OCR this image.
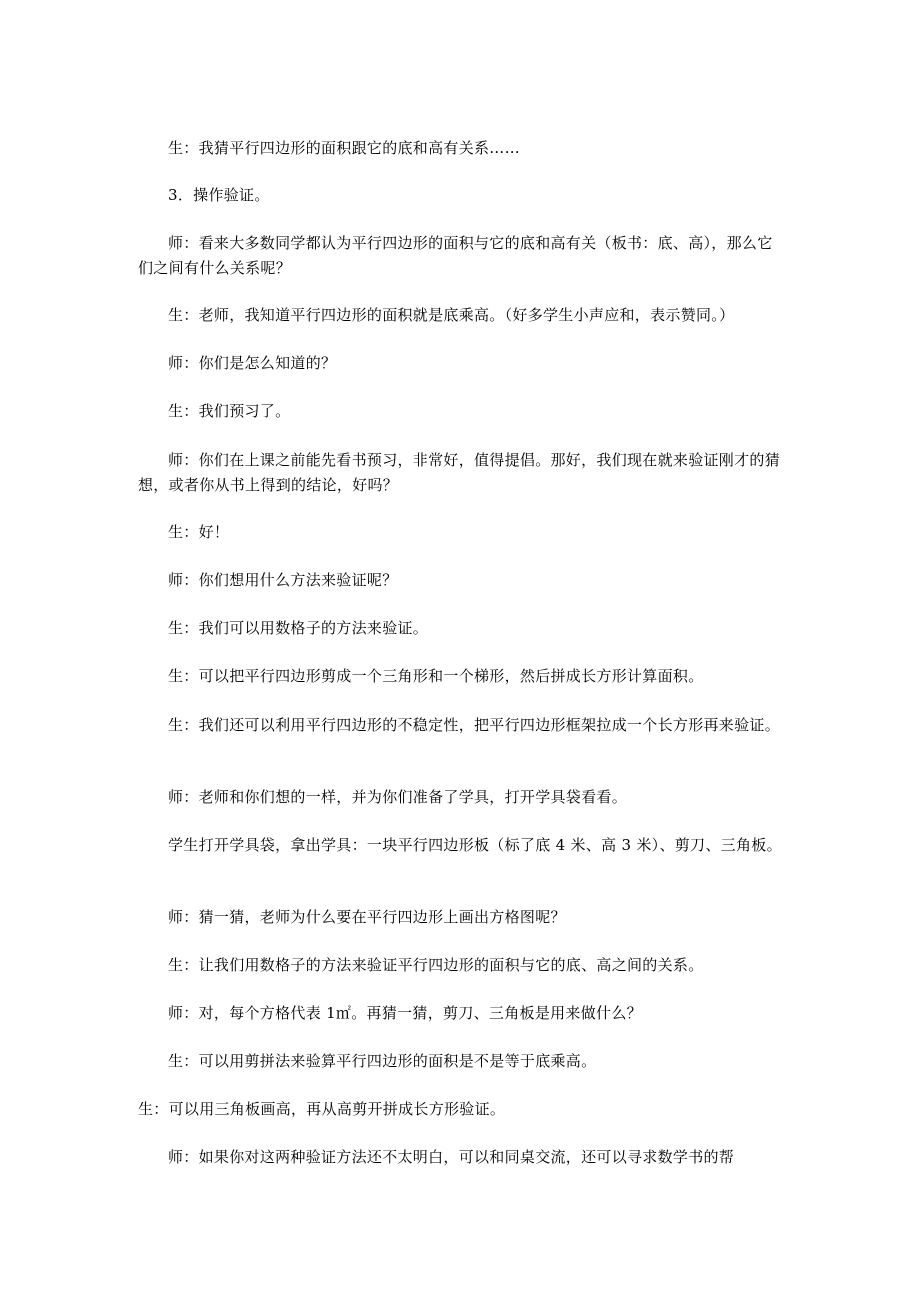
生：我猜平行四边形的面积跟它的底和高有关系……

3．操作验证。

师：看来大多数同学都认为平行四边形的面积与它的底和高有关（板书：底、高），那么它们之间有什么关系呢？

生：老师，我知道平行四边形的面积就是底乘高。（好多学生小声应和，表示赞同。）

师：你们是怎么知道的？

生：我们预习了。

师：你们在上课之前能先看书预习，非常好，值得提倡。那好，我们现在就来验证刚才的猜想，或者你从书上得到的结论，好吗？

生：好！

师：你们想用什么方法来验证呢？

生：我们可以用数格子的方法来验证。

生：可以把平行四边形剪成一个三角形和一个梯形，然后拼成长方形计算面积。

生：我们还可以利用平行四边形的不稳定性，把平行四边形框架拉成一个长方形再来验证。

师：老师和你们想的一样，并为你们准备了学具，打开学具袋看看。

学生打开学具袋，拿出学具：一块平行四边形板（标了底 4 米、高 3 米）、剪刀、三角板。

师：猜一猜，老师为什么要在平行四边形上画出方格图呢？

生：让我们用数格子的方法来验证平行四边形的面积与它的底、高之间的关系。

师：对，每个方格代表 1㎡。再猜一猜，剪刀、三角板是用来做什么？

生：可以用剪拼法来验算平行四边形的面积是不是等于底乘高。

生：可以用三角板画高，再从高剪开拼成长方形验证。

师：如果你对这两种验证方法还不太明白，可以和同桌交流，还可以寻求数学书的帮
